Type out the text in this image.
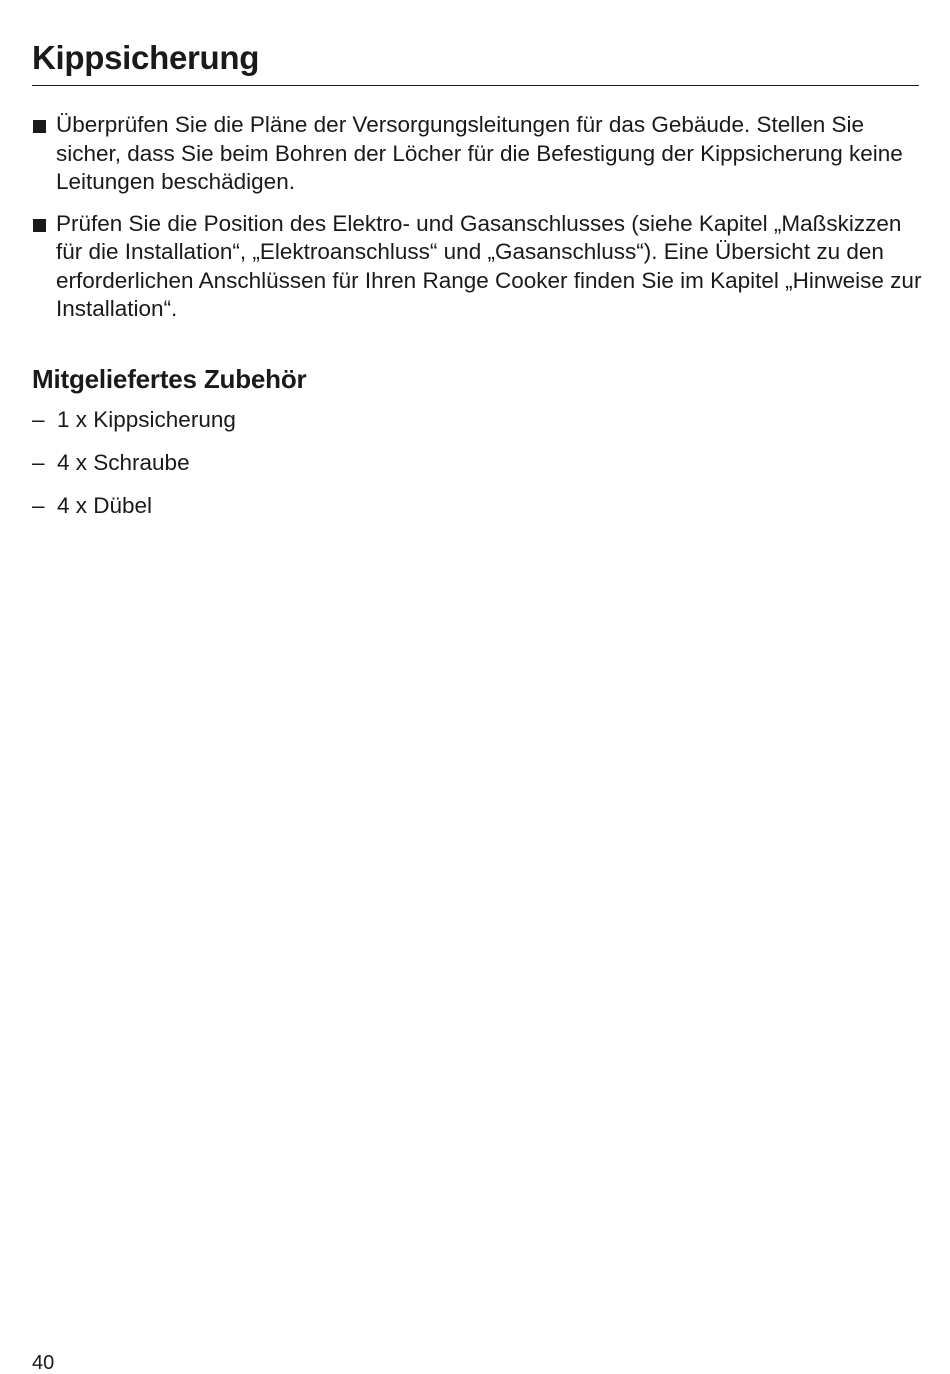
Kippsicherung
Überprüfen Sie die Pläne der Versorgungsleitungen für das Gebäude. Stellen Sie sicher, dass Sie beim Bohren der Löcher für die Befestigung der Kippsicherung keine Leitungen beschädigen.
Prüfen Sie die Position des Elektro- und Gasanschlusses (siehe Kapitel „Maßskizzen für die Installation“, „Elektroanschluss“ und „Gasanschluss“). Eine Übersicht zu den erforderlichen Anschlüssen für Ihren Range Cooker finden Sie im Kapitel „Hinweise zur Installation“.
Mitgeliefertes Zubehör
– 1 x Kippsicherung
– 4 x Schraube
– 4 x Dübel
40
